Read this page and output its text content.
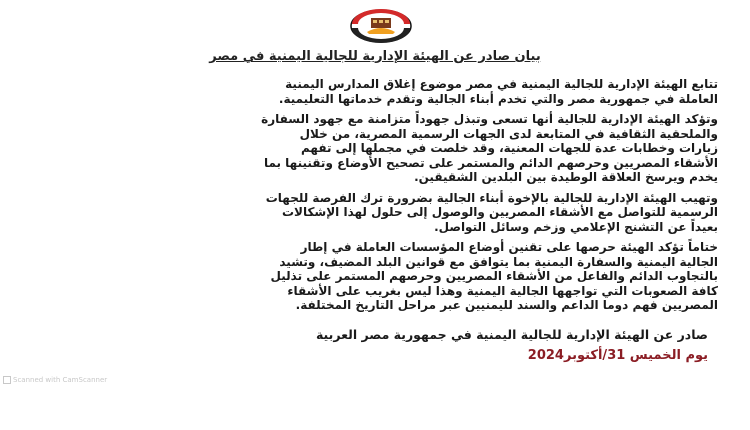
بيان صادر عن الهيئة الإدارية للجالية اليمنية في مصر

تتابع الهيئة الإدارية للجالية اليمنية في مصر موضوع إغلاق المدارس اليمنية العاملة في جمهورية مصر والتي تخدم أبناء الجالية وتقدم خدماتها التعليمية.

وتؤكد الهيئة الإدارية للجالية أنها تسعى وتبذل جهوداً متزامنة مع جهود السفارة والملحقية الثقافية في المتابعة لدى الجهات الرسمية المصرية، من خلال زيارات وخطابات عدة للجهات المعنية، وقد خلصت في مجملها إلى تفهم الأشقاء المصريين وحرصهم الدائم والمستمر على تصحيح الأوضاع وتقنينها بما يخدم ويرسخ العلاقة الوطيدة بين البلدين الشقيقين.

وتهيب الهيئة الإدارية للجالية بالإخوة أبناء الجالية بضرورة ترك الفرصة للجهات الرسمية للتواصل مع الأشقاء المصريين والوصول إلى حلول لهذا الإشكالات بعيداً عن التشنج الإعلامي وزخم وسائل التواصل.

ختاماً تؤكد الهيئة حرصها على تقنين أوضاع المؤسسات العاملة في إطار الجالية اليمنية والسفارة اليمنية بما يتوافق مع قوانين البلد المضيف، وتشيد بالتجاوب الدائم والفاعل من الأشقاء المصريين وحرصهم المستمر على تذليل كافة الصعوبات التي تواجهها الجالية اليمنية وهذا ليس بغريب على الأشقاء المصريين فهم دوما الداعم والسند لليمنيين عبر مراحل التاريخ المختلفة.

صادر عن الهيئة الإدارية للجالية اليمنية في جمهورية مصر العربية
يوم الخميس 31/أكتوبر2024
Scanned with CamScanner
